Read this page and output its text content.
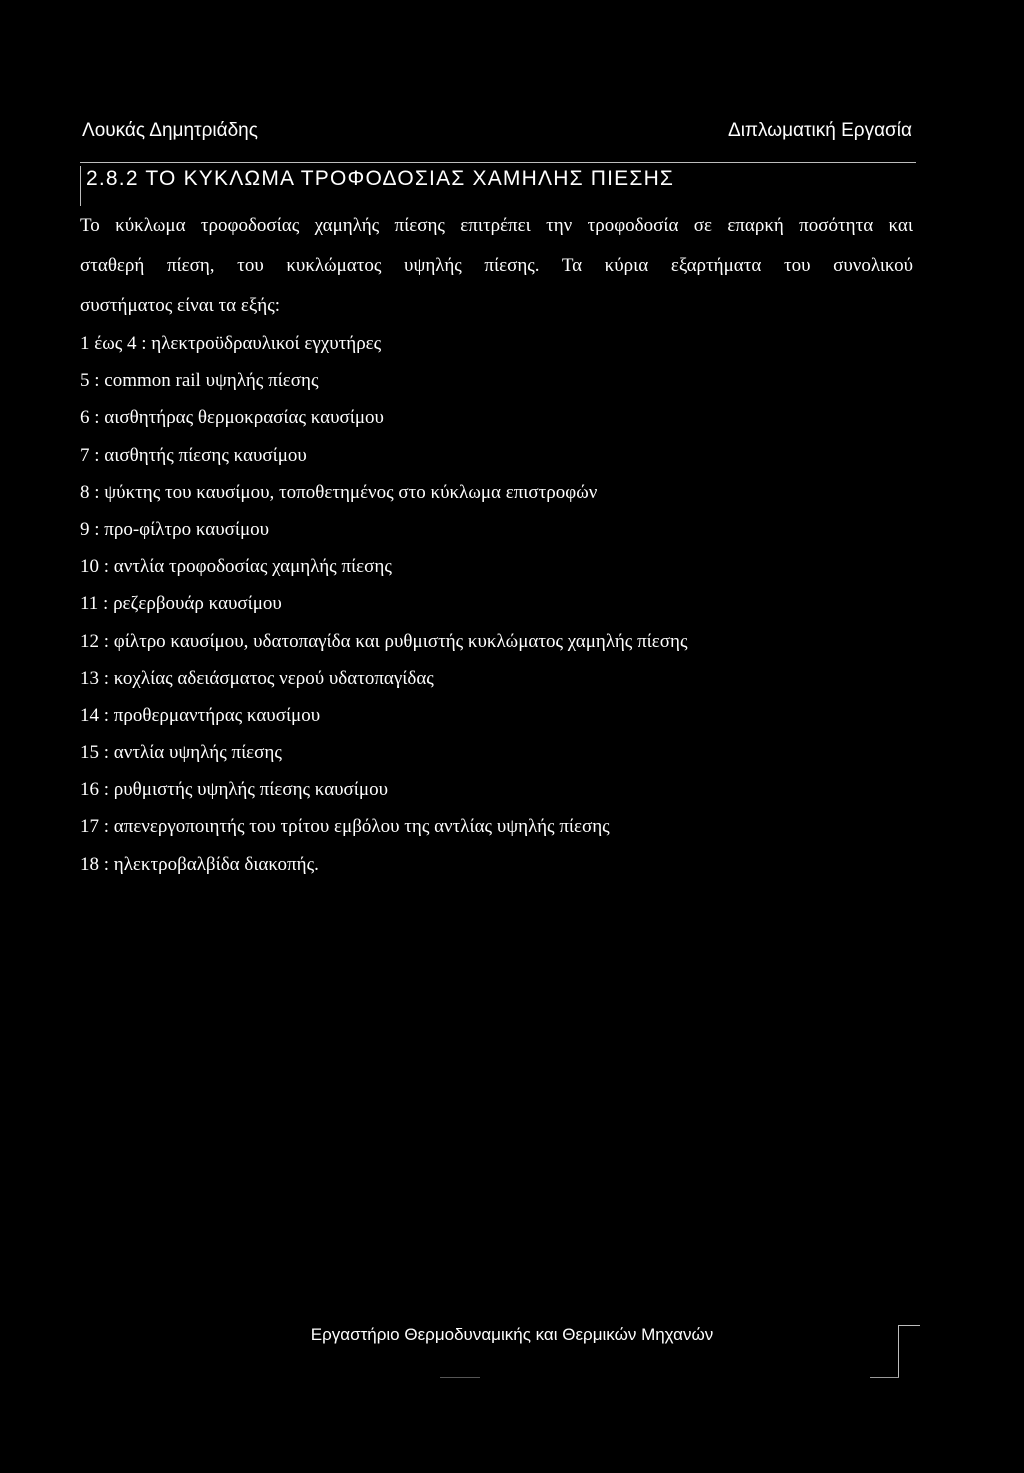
Λουκάς Δημητριάδης	Διπλωματική Εργασία
2.8.2 ΤΟ ΚΥΚΛΩΜΑ ΤΡΟΦΟΔΟΣΙΑΣ ΧΑΜΗΛΗΣ ΠΙΕΣΗΣ
Το κύκλωμα τροφοδοσίας χαμηλής πίεσης επιτρέπει την τροφοδοσία σε επαρκή ποσότητα και
σταθερή πίεση, του κυκλώματος υψηλής πίεσης. Τα κύρια εξαρτήματα του συνολικού
συστήματος είναι τα εξής:
1 έως 4 : ηλεκτροϋδραυλικοί εγχυτήρες
5 : common rail υψηλής πίεσης
6 : αισθητήρας θερμοκρασίας καυσίμου
7 : αισθητής πίεσης καυσίμου
8 : ψύκτης του καυσίμου, τοποθετημένος στο κύκλωμα επιστροφών
9 : προ-φίλτρο καυσίμου
10 : αντλία τροφοδοσίας χαμηλής πίεσης
11 : ρεζερβουάρ καυσίμου
12 : φίλτρο καυσίμου, υδατοπαγίδα και ρυθμιστής κυκλώματος χαμηλής πίεσης
13 : κοχλίας αδειάσματος νερού υδατοπαγίδας
14 : προθερμαντήρας καυσίμου
15 : αντλία υψηλής πίεσης
16 : ρυθμιστής υψηλής πίεσης καυσίμου
17 : απενεργοποιητής του τρίτου εμβόλου της αντλίας υψηλής πίεσης
18 : ηλεκτροβαλβίδα διακοπής.
Εργαστήριο Θερμοδυναμικής και Θερμικών Μηχανών
